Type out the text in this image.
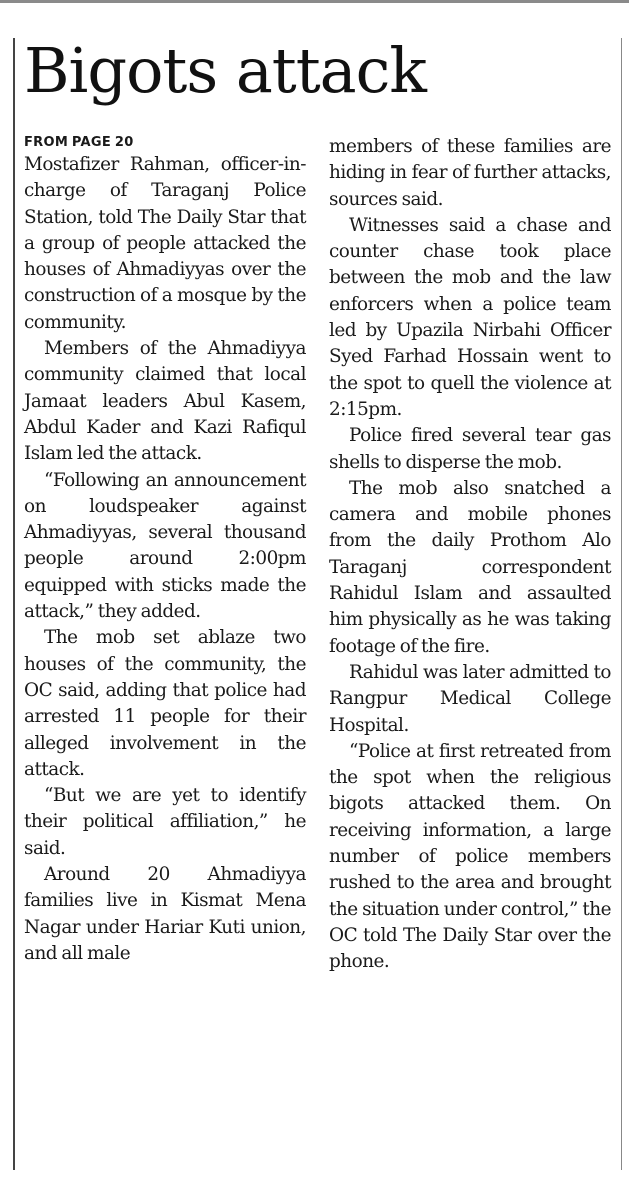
Bigots attack
FROM PAGE 20

Mostafizer Rahman, officer-in-charge of Taraganj Police Station, told The Daily Star that a group of people attacked the houses of Ahmadiyyas over the construction of a mosque by the community.

Members of the Ahmadiyya community claimed that local Jamaat leaders Abul Kasem, Abdul Kader and Kazi Rafiqul Islam led the attack.

“Following an announcement on loudspeaker against Ahmadiyyas, several thousand people around 2:00pm equipped with sticks made the attack,” they added.

The mob set ablaze two houses of the community, the OC said, adding that police had arrested 11 people for their alleged involvement in the attack.

“But we are yet to identify their political affiliation,” he said.

Around 20 Ahmadiyya families live in Kismat Mena Nagar under Hariar Kuti union, and all male

members of these families are hiding in fear of further attacks, sources said.

Witnesses said a chase and counter chase took place between the mob and the law enforcers when a police team led by Upazila Nirbahi Officer Syed Farhad Hossain went to the spot to quell the violence at 2:15pm.

Police fired several tear gas shells to disperse the mob.

The mob also snatched a camera and mobile phones from the daily Prothom Alo Taraganj correspondent Rahidul Islam and assaulted him physically as he was taking footage of the fire.

Rahidul was later admitted to Rangpur Medical College Hospital.

“Police at first retreated from the spot when the religious bigots attacked them. On receiving information, a large number of police members rushed to the area and brought the situation under control,” the OC told The Daily Star over the phone.
